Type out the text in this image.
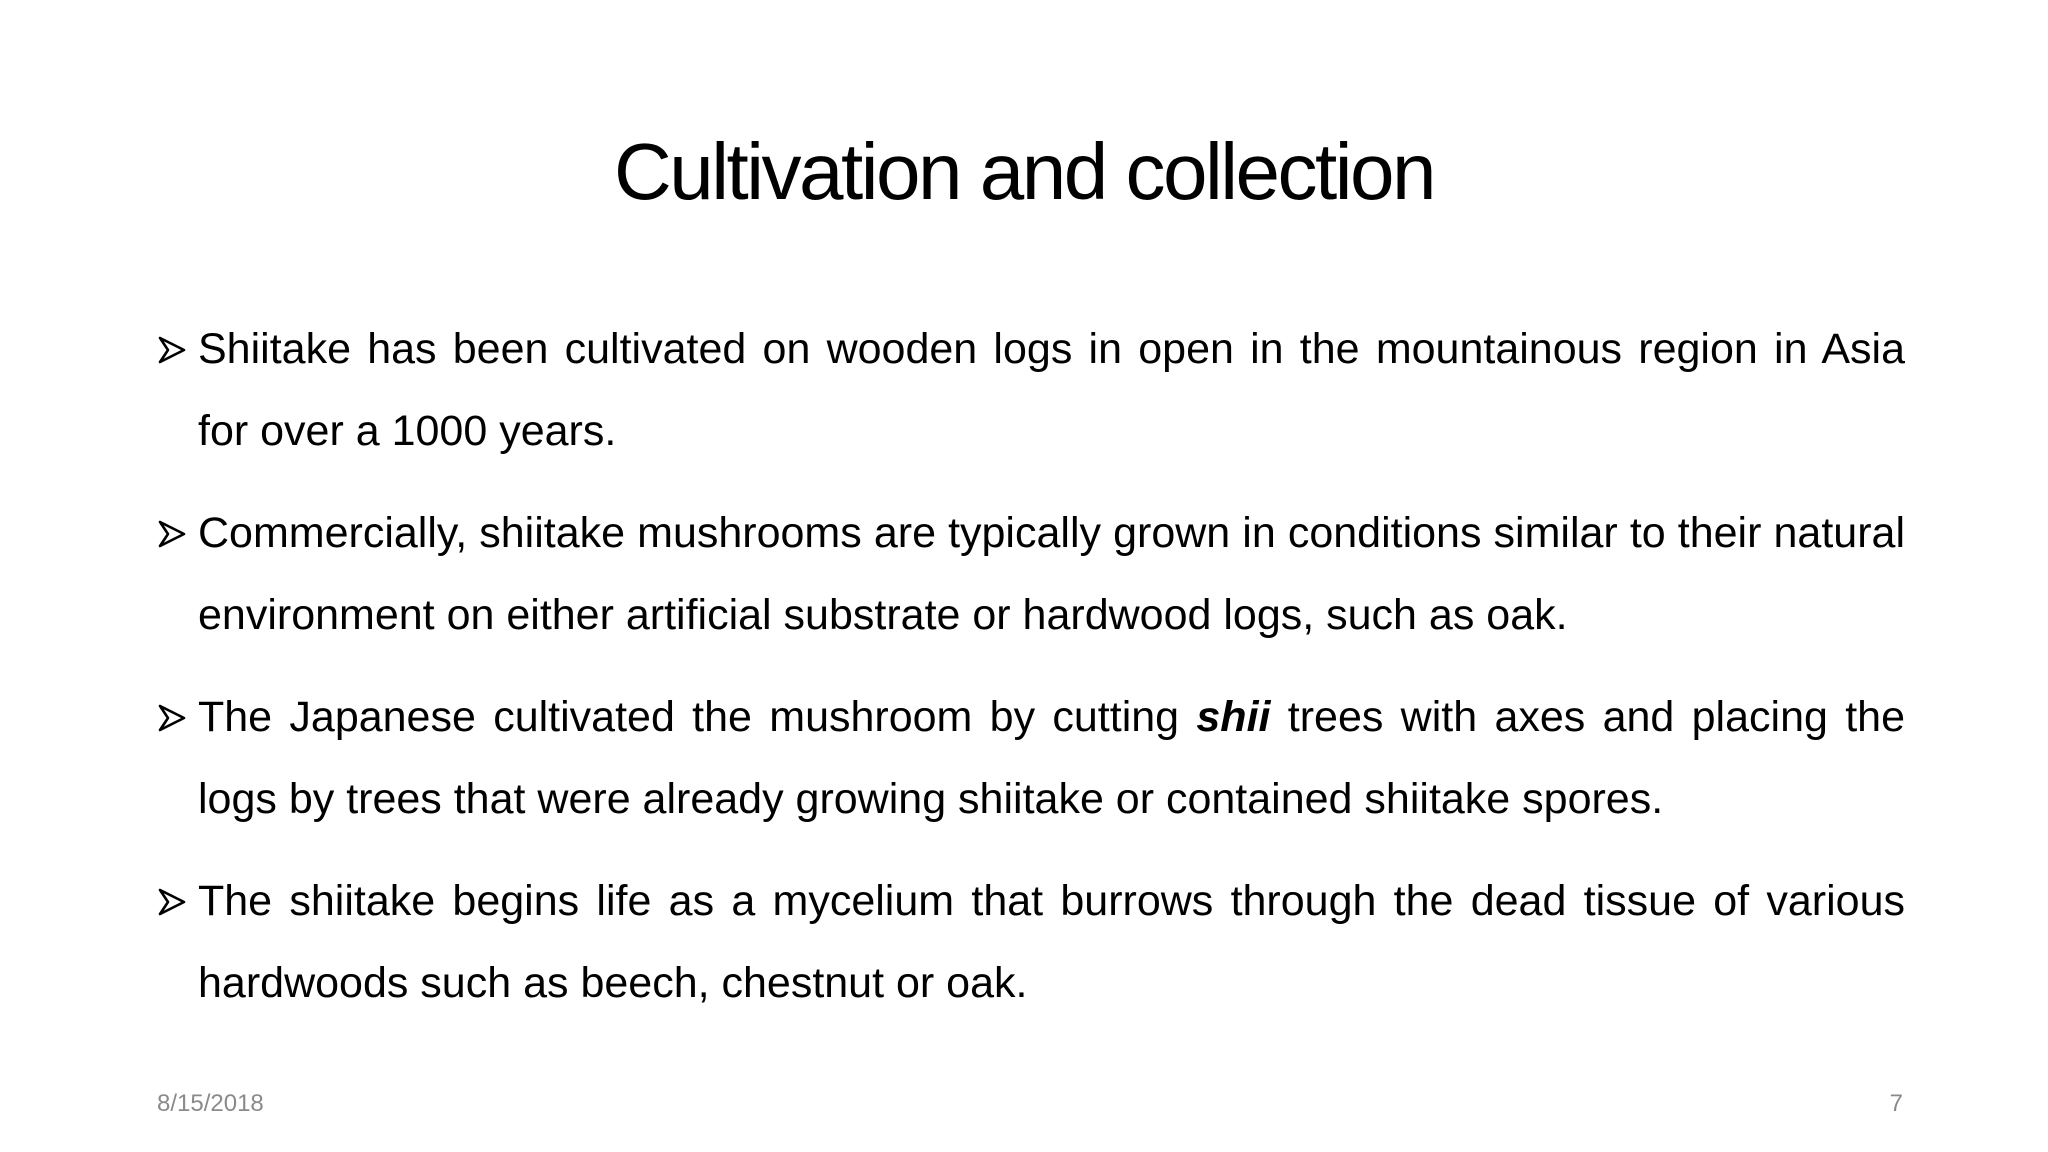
Cultivation and collection
Shiitake has been cultivated on wooden logs in open in the mountainous region in Asia for over a 1000 years.
Commercially, shiitake mushrooms are typically grown in conditions similar to their natural environment on either artificial substrate or hardwood logs, such as oak.
The Japanese cultivated the mushroom by cutting shii trees with axes and placing the logs by trees that were already growing shiitake or contained shiitake spores.
The shiitake begins life as a mycelium that burrows through the dead tissue of various hardwoods such as beech, chestnut or oak.
8/15/2018	7
